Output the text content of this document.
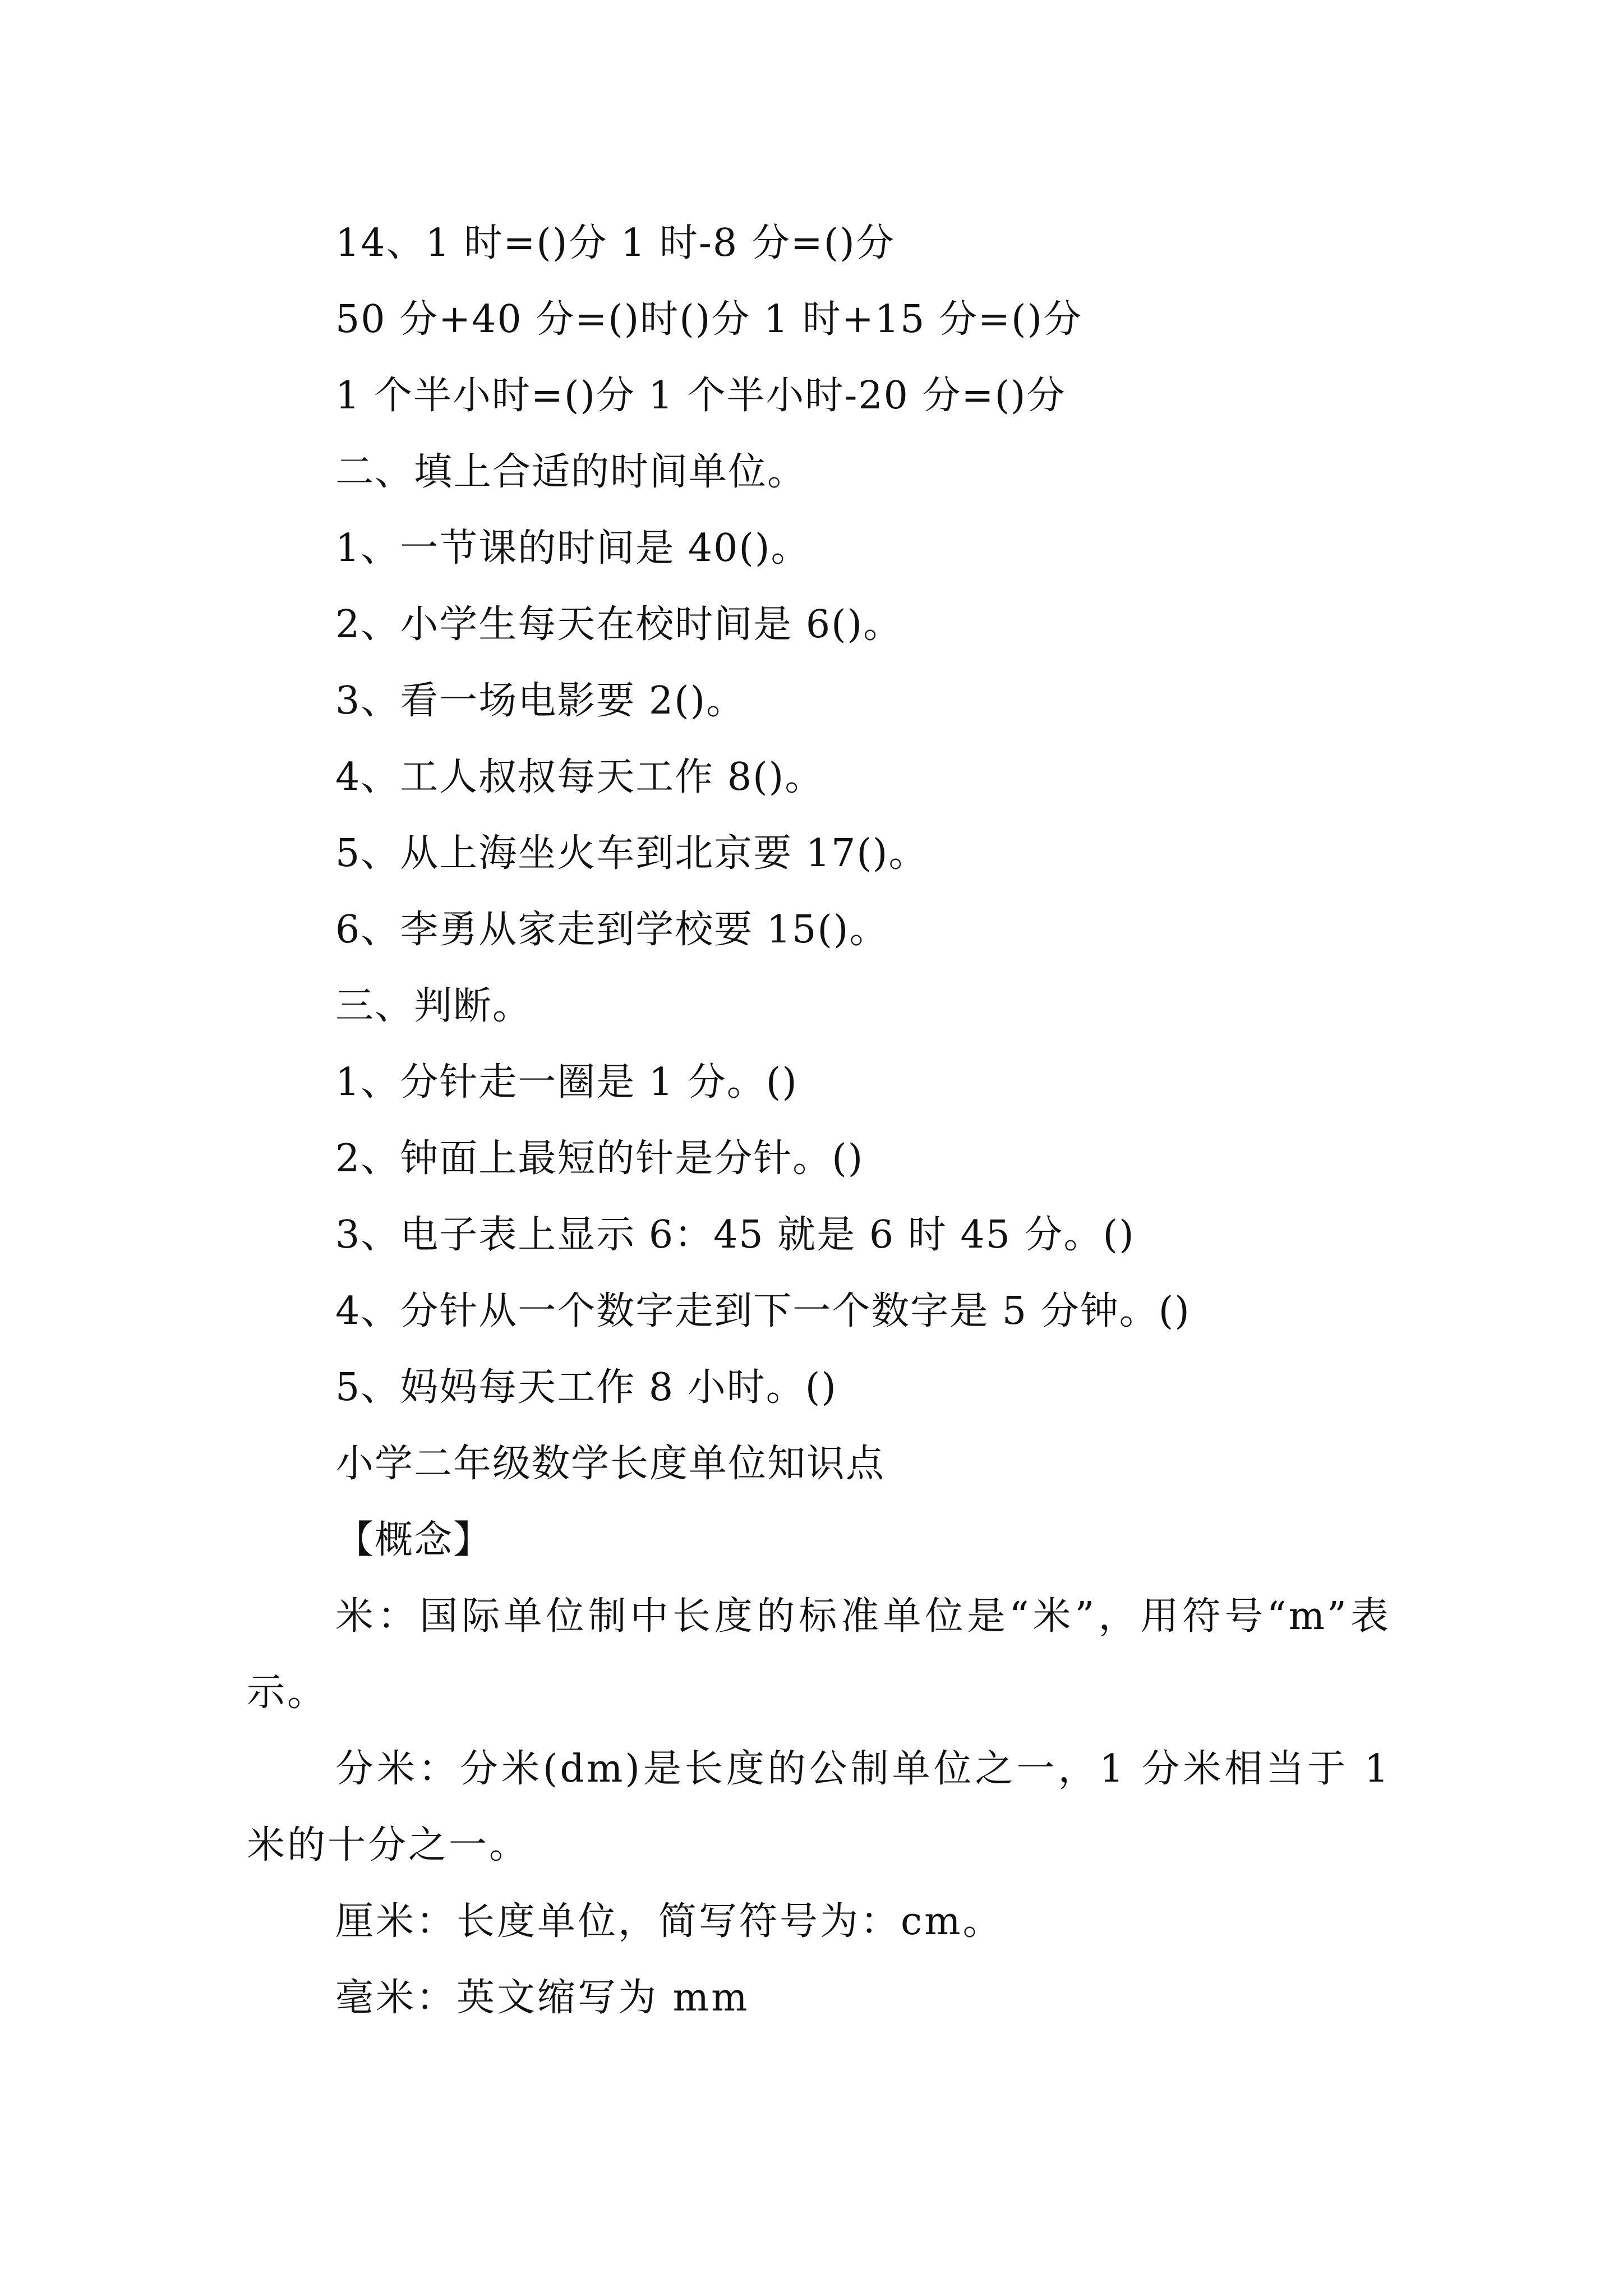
14、1 时=()分 1 时-8 分=()分
50 分+40 分=()时()分 1 时+15 分=()分
1 个半小时=()分 1 个半小时-20 分=()分
二、填上合适的时间单位。
1、一节课的时间是 40()。
2、小学生每天在校时间是 6()。
3、看一场电影要 2()。
4、工人叔叔每天工作 8()。
5、从上海坐火车到北京要 17()。
6、李勇从家走到学校要 15()。
三、判断。
1、分针走一圈是 1 分。()
2、钟面上最短的针是分针。()
3、电子表上显示 6：45 就是 6 时 45 分。()
4、分针从一个数字走到下一个数字是 5 分钟。()
5、妈妈每天工作 8 小时。()
小学二年级数学长度单位知识点
【概念】
米：国际单位制中长度的标准单位是“米”，用符号“m”表示。
分米：分米(dm)是长度的公制单位之一，1 分米相当于 1 米的十分之一。
厘米：长度单位，简写符号为：cm。
毫米：英文缩写为 mm
